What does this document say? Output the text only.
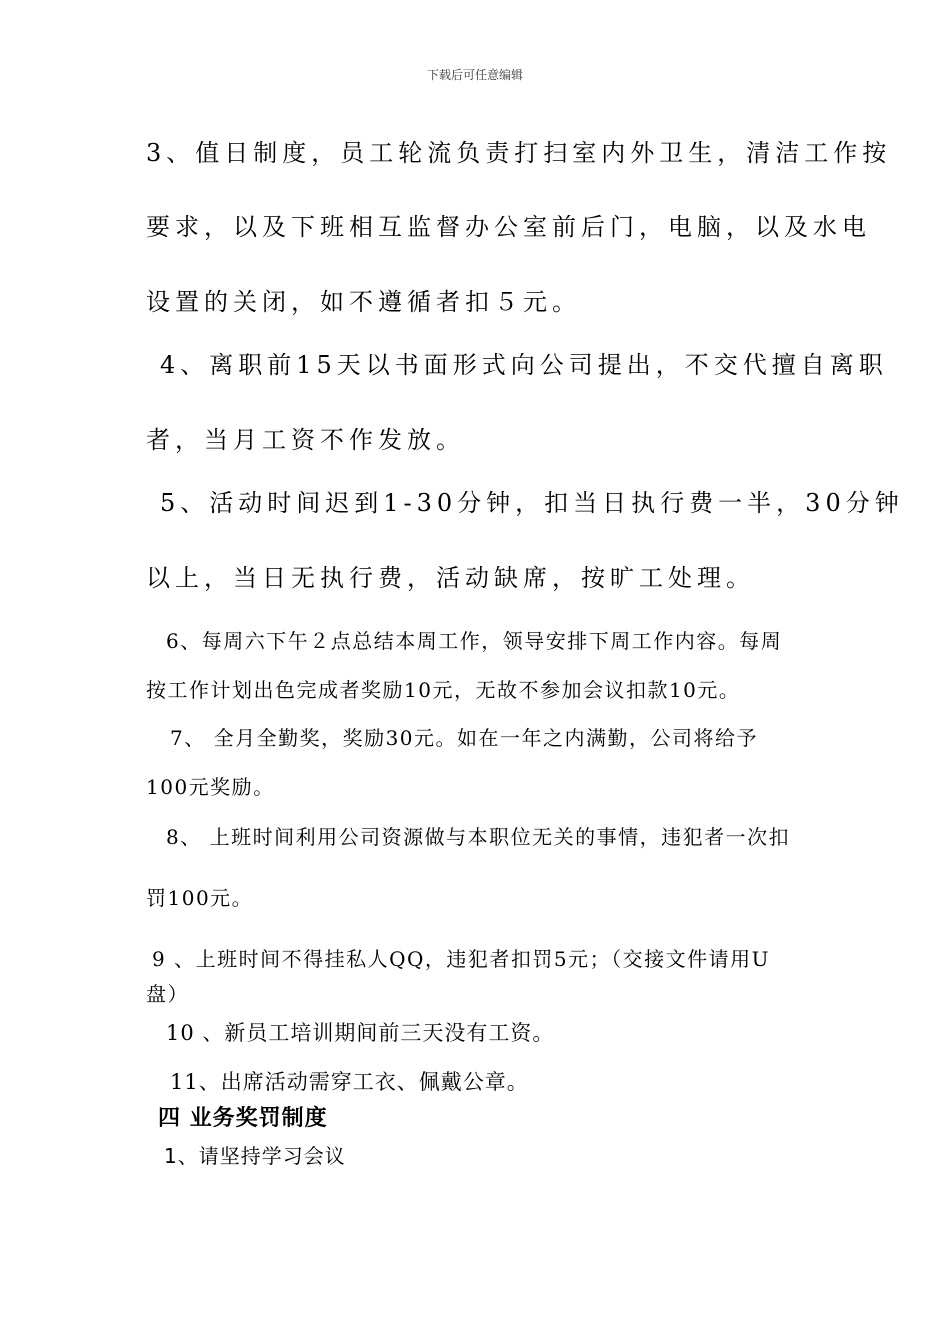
下载后可任意编辑
3、值日制度，员工轮流负责打扫室内外卫生，清洁工作按
要求，以及下班相互监督办公室前后门，电脑，以及水电
设置的关闭，如不遵循者扣５元。
4、离职前15天以书面形式向公司提出，不交代擅自离职
者，当月工资不作发放。
5、活动时间迟到1-30分钟，扣当日执行费一半，30分钟
以上，当日无执行费，活动缺席，按旷工处理。
6、每周六下午２点总结本周工作，领导安排下周工作内容。每周
按工作计划出色完成者奖励10元，无故不参加会议扣款10元。
7、 全月全勤奖，奖励30元。如在一年之内满勤，公司将给予
100元奖励。
8、 上班时间利用公司资源做与本职位无关的事情，违犯者一次扣
罚100元。
9 、上班时间不得挂私人QQ，违犯者扣罚5元；（交接文件请用U
盘）
10 、新员工培训期间前三天没有工资。
11、出席活动需穿工衣、佩戴公章。
四 业务奖罚制度
1、请坚持学习会议
